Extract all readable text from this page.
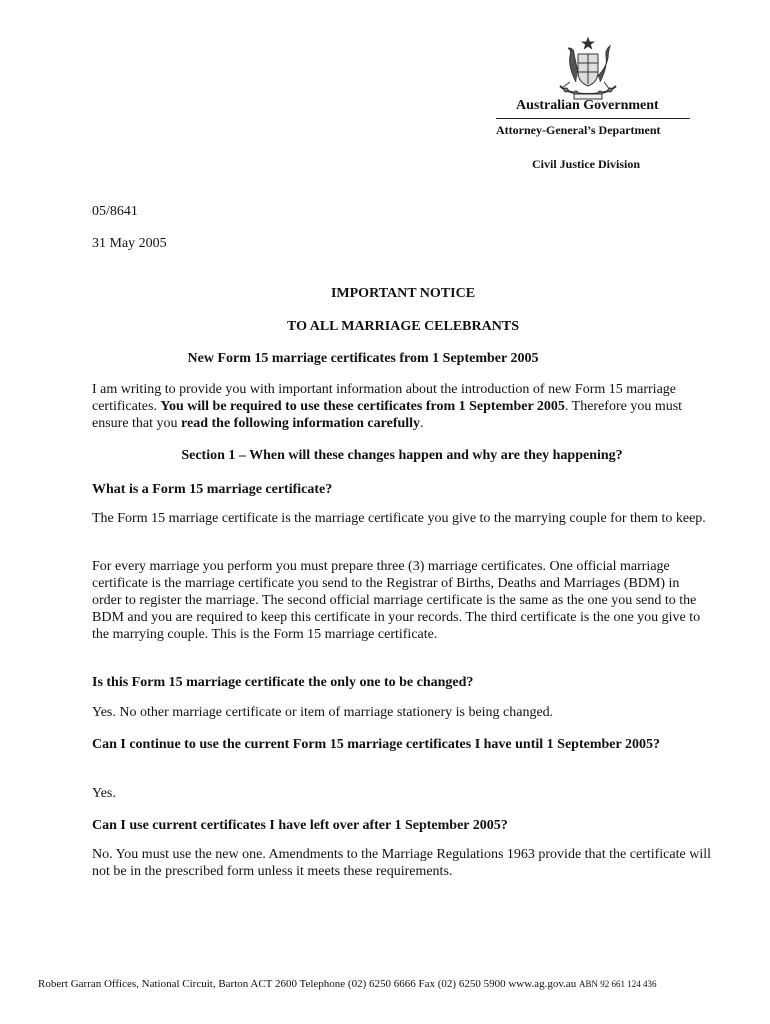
Australian Government
Attorney-General’s Department
Civil Justice Division
05/8641
31 May 2005
IMPORTANT NOTICE
TO ALL MARRIAGE CELEBRANTS
New Form 15 marriage certificates from 1 September 2005
I am writing to provide you with important information about the introduction of new Form 15 marriage certificates. You will be required to use these certificates from 1 September 2005. Therefore you must ensure that you read the following information carefully.
Section 1 – When will these changes happen and why are they happening?
What is a Form 15 marriage certificate?
The Form 15 marriage certificate is the marriage certificate you give to the marrying couple for them to keep.
For every marriage you perform you must prepare three (3) marriage certificates. One official marriage certificate is the marriage certificate you send to the Registrar of Births, Deaths and Marriages (BDM) in order to register the marriage. The second official marriage certificate is the same as the one you send to the BDM and you are required to keep this certificate in your records. The third certificate is the one you give to the marrying couple. This is the Form 15 marriage certificate.
Is this Form 15 marriage certificate the only one to be changed?
Yes. No other marriage certificate or item of marriage stationery is being changed.
Can I continue to use the current Form 15 marriage certificates I have until 1 September 2005?
Yes.
Can I use current certificates I have left over after 1 September 2005?
No. You must use the new one. Amendments to the Marriage Regulations 1963 provide that the certificate will not be in the prescribed form unless it meets these requirements.
Robert Garran Offices, National Circuit, Barton ACT 2600 Telephone (02) 6250 6666 Fax (02) 6250 5900 www.ag.gov.au ABN 92 661 124 436
